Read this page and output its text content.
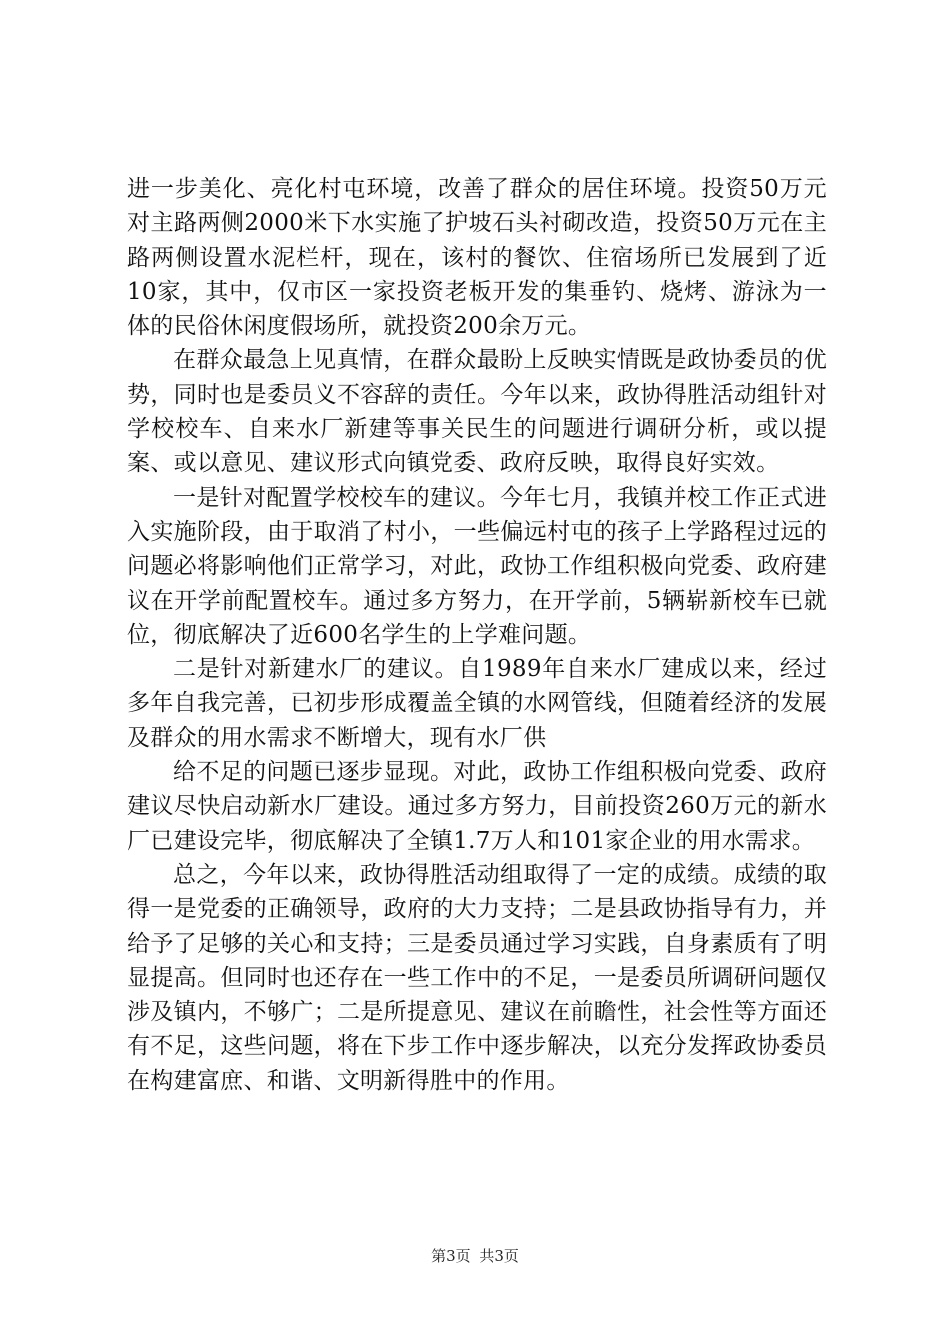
进一步美化、亮化村屯环境，改善了群众的居住环境。投资50万元对主路两侧2000米下水实施了护坡石头衬砌改造，投资50万元在主路两侧设置水泥栏杆，现在，该村的餐饮、住宿场所已发展到了近10家，其中，仅市区一家投资老板开发的集垂钓、烧烤、游泳为一体的民俗休闲度假场所，就投资200余万元。

在群众最急上见真情，在群众最盼上反映实情既是政协委员的优势，同时也是委员义不容辞的责任。今年以来，政协得胜活动组针对学校校车、自来水厂新建等事关民生的问题进行调研分析，或以提案、或以意见、建议形式向镇党委、政府反映，取得良好实效。

一是针对配置学校校车的建议。今年七月，我镇并校工作正式进入实施阶段，由于取消了村小，一些偏远村屯的孩子上学路程过远的问题必将影响他们正常学习，对此，政协工作组积极向党委、政府建议在开学前配置校车。通过多方努力，在开学前，5辆崭新校车已就位，彻底解决了近600名学生的上学难问题。

二是针对新建水厂的建议。自1989年自来水厂建成以来，经过多年自我完善，已初步形成覆盖全镇的水网管线，但随着经济的发展及群众的用水需求不断增大，现有水厂供

给不足的问题已逐步显现。对此，政协工作组积极向党委、政府建议尽快启动新水厂建设。通过多方努力，目前投资260万元的新水厂已建设完毕，彻底解决了全镇1.7万人和101家企业的用水需求。

总之，今年以来，政协得胜活动组取得了一定的成绩。成绩的取得一是党委的正确领导，政府的大力支持；二是县政协指导有力，并给予了足够的关心和支持；三是委员通过学习实践，自身素质有了明显提高。但同时也还存在一些工作中的不足，一是委员所调研问题仅涉及镇内，不够广；二是所提意见、建议在前瞻性，社会性等方面还有不足，这些问题，将在下步工作中逐步解决，以充分发挥政协委员在构建富庶、和谐、文明新得胜中的作用。

第3页 共3页
